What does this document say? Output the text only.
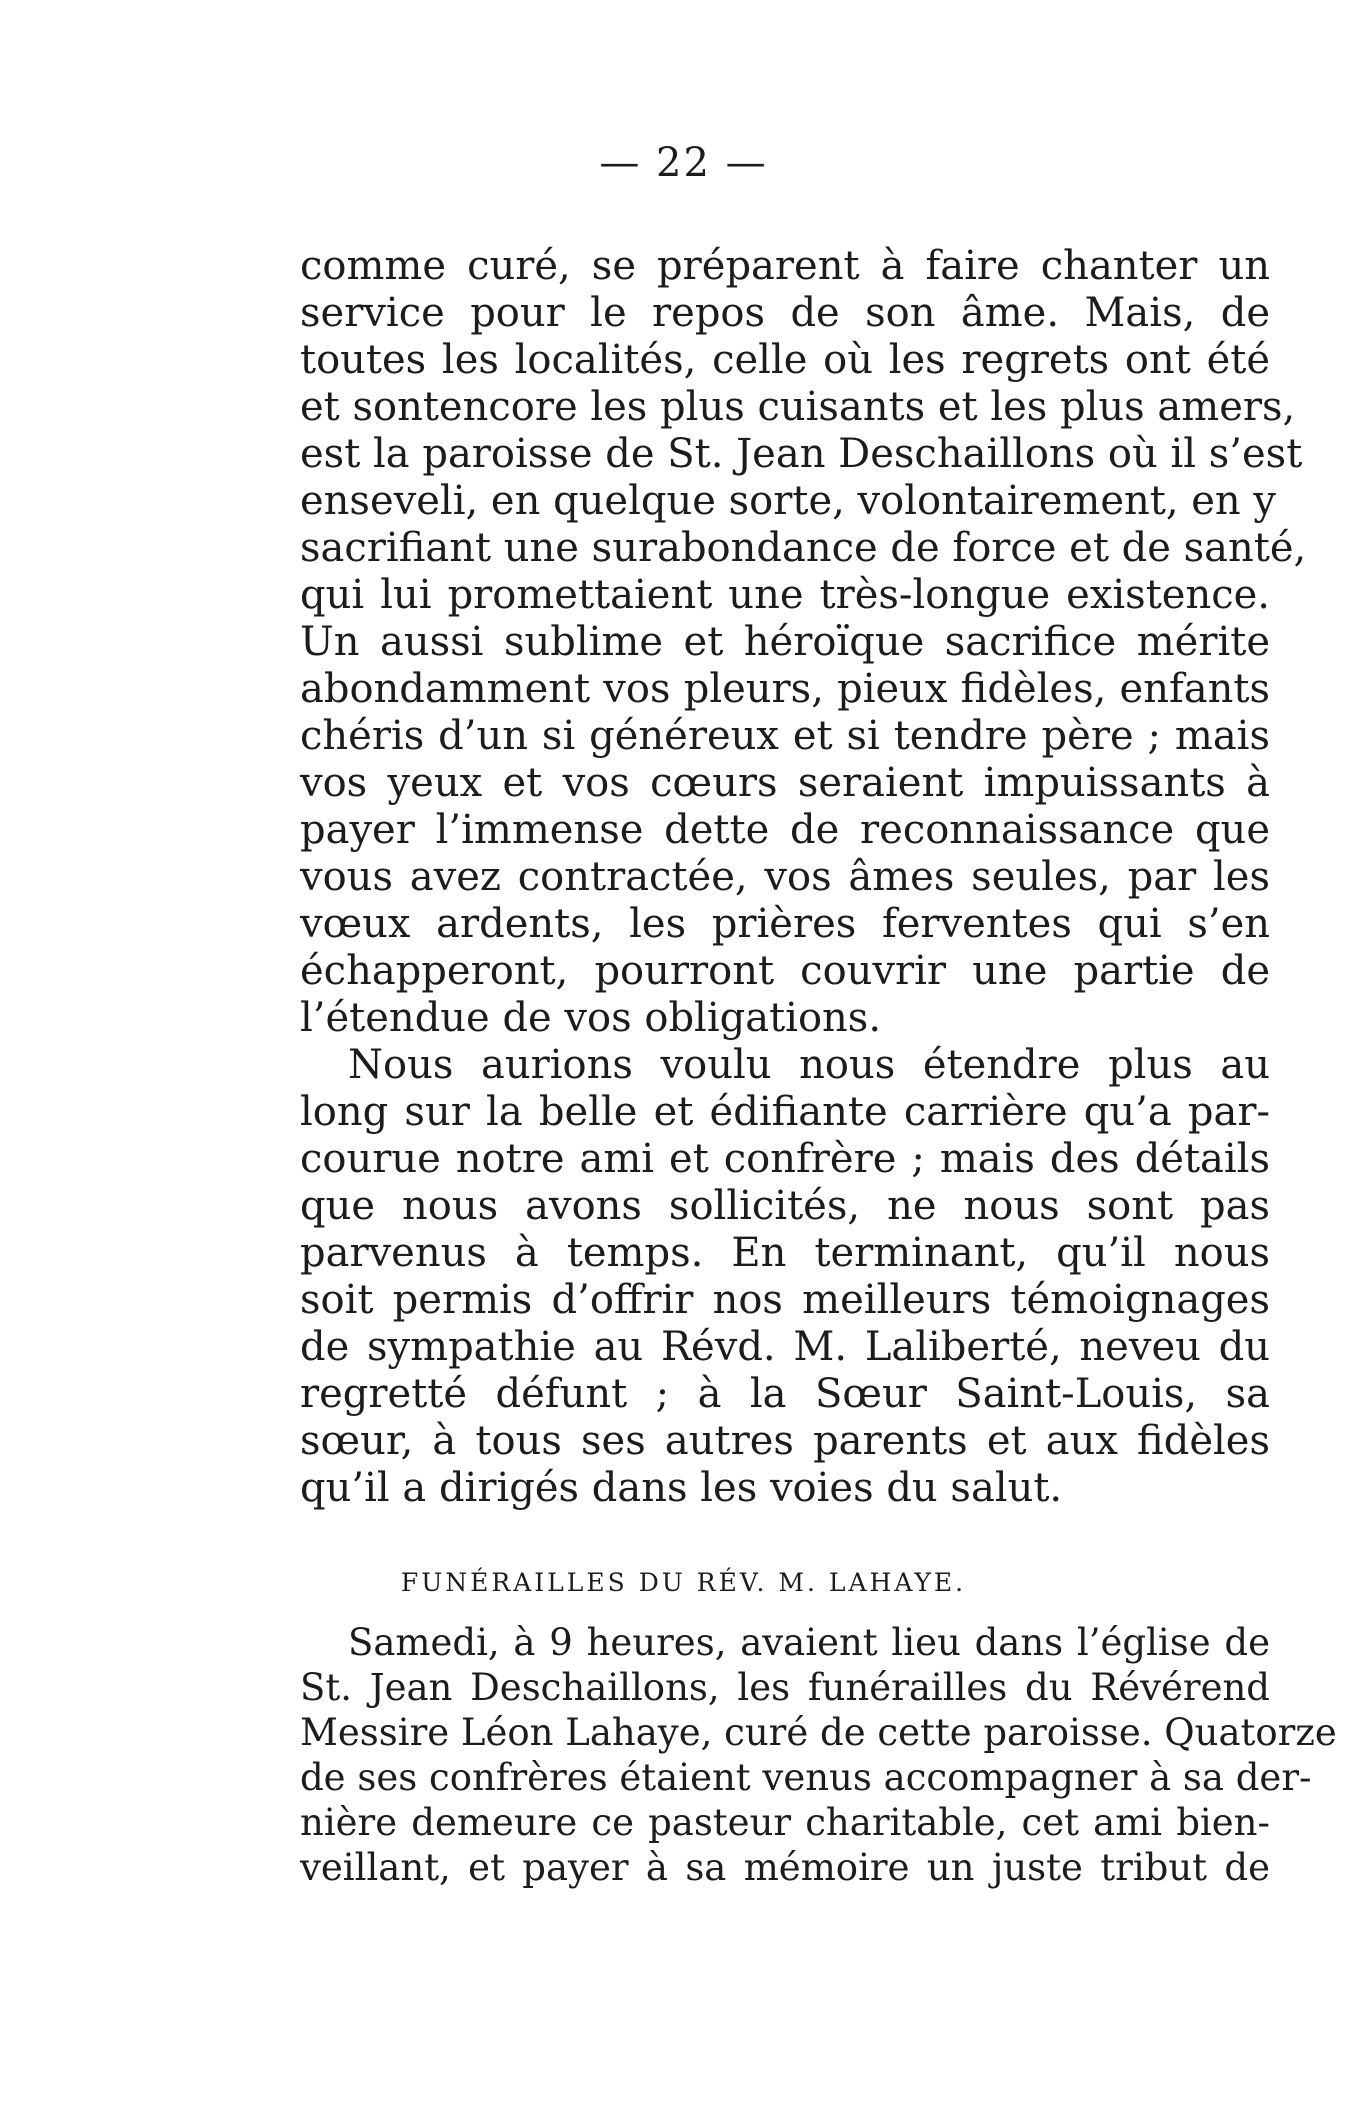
— 22 —
comme curé, se préparent à faire chanter un
service pour le repos de son âme. Mais, de
toutes les localités, celle où les regrets ont été
et sontencore les plus cuisants et les plus amers,
est la paroisse de St. Jean Deschaillons où il s’est
enseveli, en quelque sorte, volontairement, en y
sacrifiant une surabondance de force et de santé,
qui lui promettaient une très-longue existence.
Un aussi sublime et héroïque sacrifice mérite
abondamment vos pleurs, pieux fidèles, enfants
chéris d’un si généreux et si tendre père ; mais
vos yeux et vos cœurs seraient impuissants à
payer l’immense dette de reconnaissance que
vous avez contractée, vos âmes seules, par les
vœux ardents, les prières ferventes qui s’en
échapperont, pourront couvrir une partie de
l’étendue de vos obligations.
Nous aurions voulu nous étendre plus au
long sur la belle et édifiante carrière qu’a par-
courue notre ami et confrère ; mais des détails
que nous avons sollicités, ne nous sont pas
parvenus à temps. En terminant, qu’il nous
soit permis d’offrir nos meilleurs témoignages
de sympathie au Révd. M. Laliberté, neveu du
regretté défunt ; à la Sœur Saint-Louis, sa
sœur, à tous ses autres parents et aux fidèles
qu’il a dirigés dans les voies du salut.
FUNÉRAILLES DU RÉV. M. LAHAYE.
Samedi, à 9 heures, avaient lieu dans l’église de
St. Jean Deschaillons, les funérailles du Révérend
Messire Léon Lahaye, curé de cette paroisse. Quatorze
de ses confrères étaient venus accompagner à sa der-
nière demeure ce pasteur charitable, cet ami bien-
veillant, et payer à sa mémoire un juste tribut de
